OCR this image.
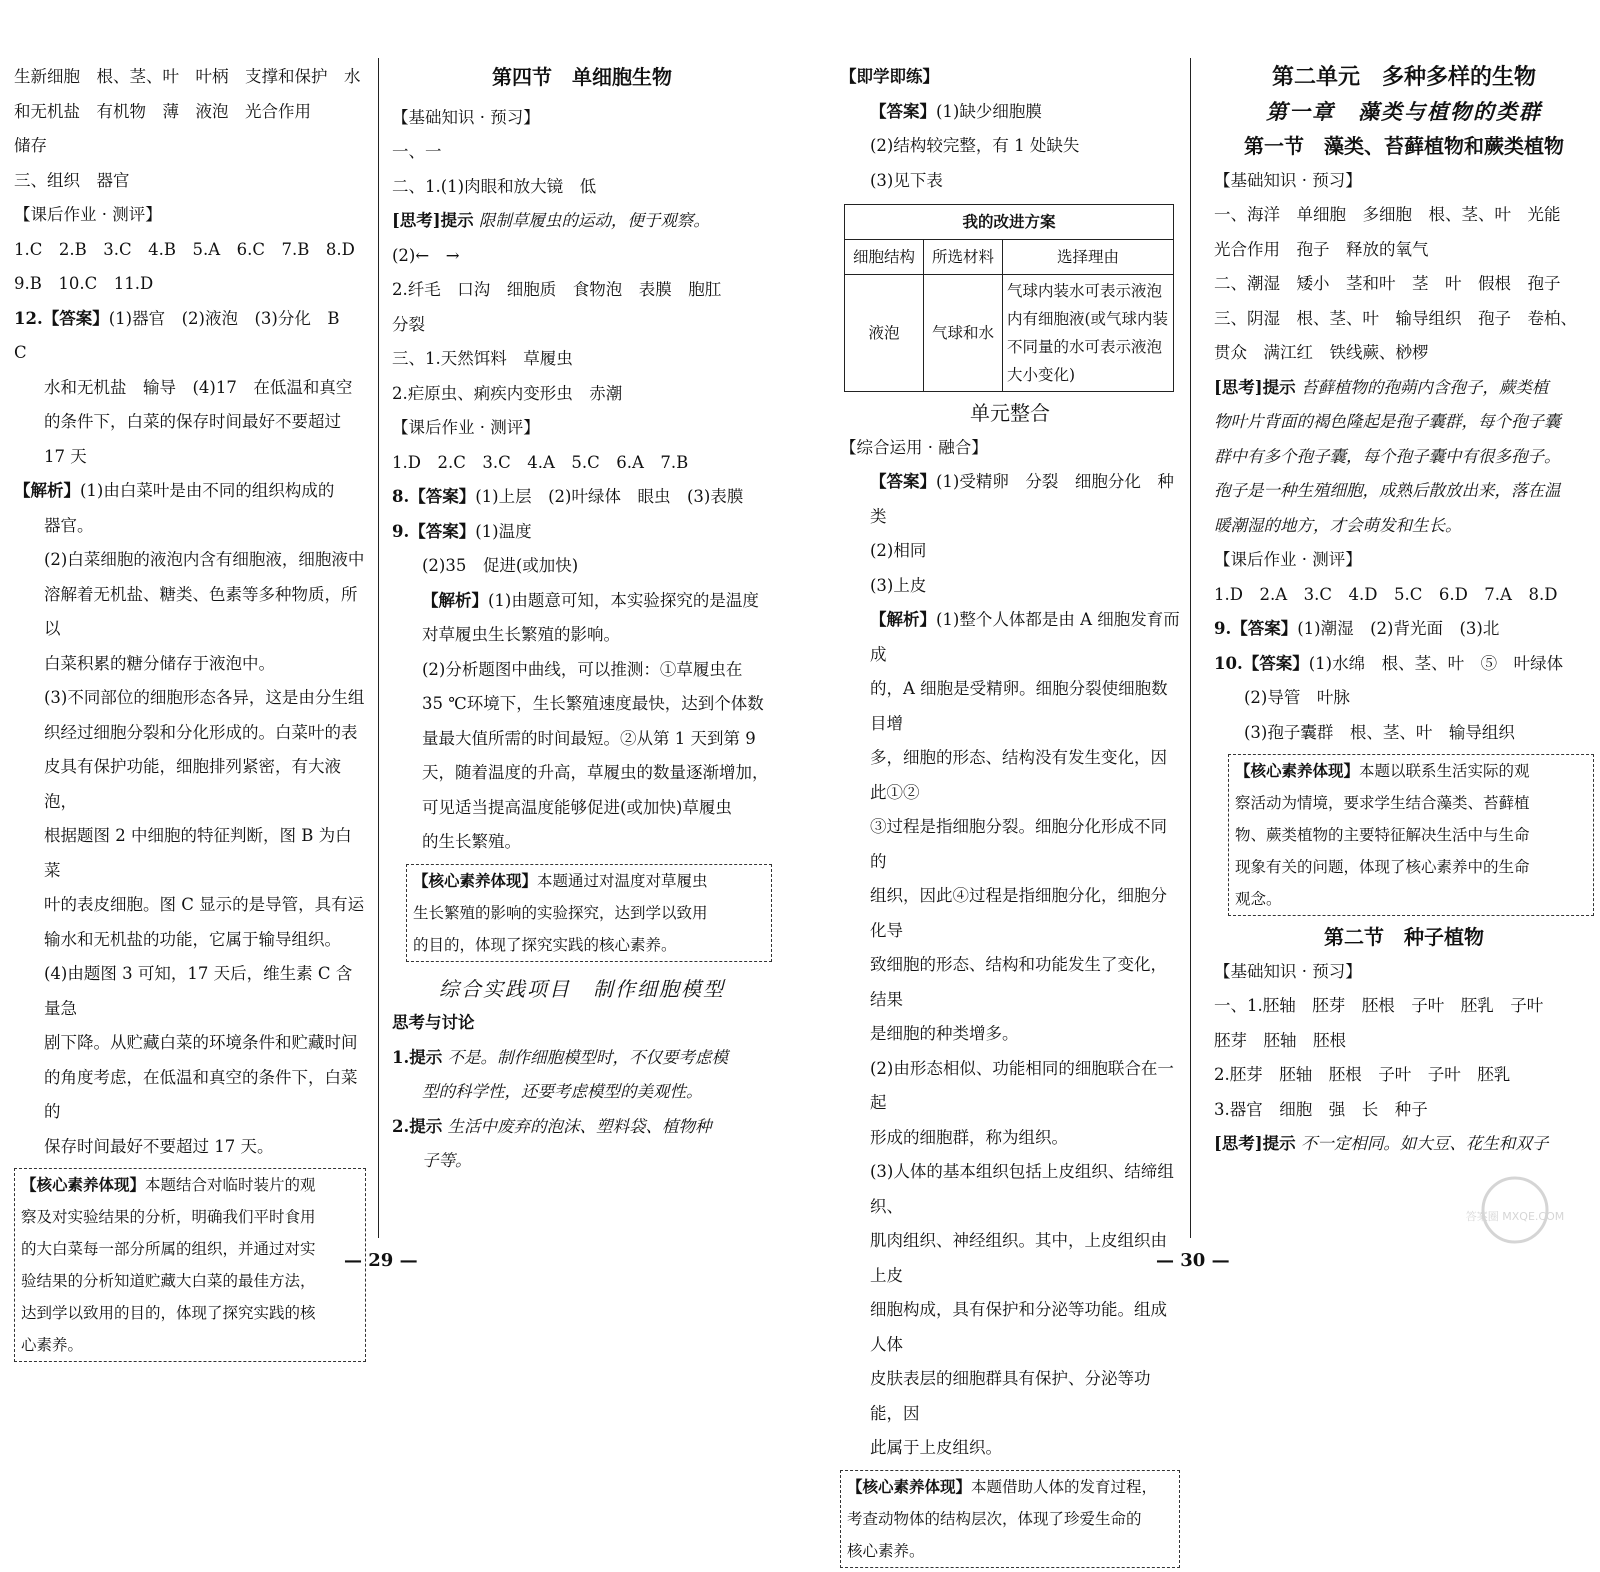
生新细胞　根、茎、叶　叶柄　支撑和保护　水

和无机盐　有机物　薄　液泡　光合作用

储存

三、组织　器官

【课后作业 · 测评】

1.C　2.B　3.C　4.B　5.A　6.C　7.B　8.D

9.B　10.C　11.D

12.【答案】(1)器官　(2)液泡　(3)分化　B　C

水和无机盐　输导　(4)17　在低温和真空

的条件下，白菜的保存时间最好不要超过

17 天

【解析】(1)由白菜叶是由不同的组织构成的

器官。

(2)白菜细胞的液泡内含有细胞液，细胞液中

溶解着无机盐、糖类、色素等多种物质，所以

白菜积累的糖分储存于液泡中。

(3)不同部位的细胞形态各异，这是由分生组

织经过细胞分裂和分化形成的。白菜叶的表

皮具有保护功能，细胞排列紧密，有大液泡，

根据题图 2 中细胞的特征判断，图 B 为白菜

叶的表皮细胞。图 C 显示的是导管，具有运

输水和无机盐的功能，它属于输导组织。

(4)由题图 3 可知，17 天后，维生素 C 含量急

剧下降。从贮藏白菜的环境条件和贮藏时间

的角度考虑，在低温和真空的条件下，白菜的

保存时间最好不要超过 17 天。

【核心素养体现】本题结合对临时装片的观

察及对实验结果的分析，明确我们平时食用

的大白菜每一部分所属的组织，并通过对实

验结果的分析知道贮藏大白菜的最佳方法，

达到学以致用的目的，体现了探究实践的核

心素养。

第四节　单细胞生物

【基础知识 · 预习】

一、一

二、1.(1)肉眼和放大镜　低

[思考]提示 限制草履虫的运动，便于观察。

(2)←　→

2.纤毛　口沟　细胞质　食物泡　表膜　胞肛

分裂

三、1.天然饵料　草履虫

2.疟原虫、痢疾内变形虫　赤潮

【课后作业 · 测评】

1.D　2.C　3.C　4.A　5.C　6.A　7.B

8.【答案】(1)上层　(2)叶绿体　眼虫　(3)表膜

9.【答案】(1)温度

(2)35　促进(或加快)

【解析】(1)由题意可知，本实验探究的是温度

对草履虫生长繁殖的影响。

(2)分析题图中曲线，可以推测：①草履虫在

35 ℃环境下，生长繁殖速度最快，达到个体数

量最大值所需的时间最短。②从第 1 天到第 9

天，随着温度的升高，草履虫的数量逐渐增加，

可见适当提高温度能够促进(或加快)草履虫

的生长繁殖。

【核心素养体现】本题通过对温度对草履虫

生长繁殖的影响的实验探究，达到学以致用

的目的，体现了探究实践的核心素养。

综合实践项目　制作细胞模型

思考与讨论

1.提示 不是。制作细胞模型时，不仅要考虑模

型的科学性，还要考虑模型的美观性。

2.提示 生活中废弃的泡沫、塑料袋、植物种

子等。

【即学即练】

【答案】(1)缺少细胞膜

(2)结构较完整，有 1 处缺失

(3)见下表

我的改进方案		
细胞结构	所选材料	选择理由
液泡	气球和水	气球内装水可表示液泡内有细胞液(或气球内装不同量的水可表示液泡大小变化)

单元整合

【综合运用 · 融合】

【答案】(1)受精卵　分裂　细胞分化　种类

(2)相同

(3)上皮

【解析】(1)整个人体都是由 A 细胞发育而成

的，A 细胞是受精卵。细胞分裂使细胞数目增

多，细胞的形态、结构没有发生变化，因此①②

③过程是指细胞分裂。细胞分化形成不同的

组织，因此④过程是指细胞分化，细胞分化导

致细胞的形态、结构和功能发生了变化，结果

是细胞的种类增多。

(2)由形态相似、功能相同的细胞联合在一起

形成的细胞群，称为组织。

(3)人体的基本组织包括上皮组织、结缔组织、

肌肉组织、神经组织。其中，上皮组织由上皮

细胞构成，具有保护和分泌等功能。组成人体

皮肤表层的细胞群具有保护、分泌等功能，因

此属于上皮组织。

【核心素养体现】本题借助人体的发育过程，

考查动物体的结构层次，体现了珍爱生命的

核心素养。

第二单元　多种多样的生物

第一章　藻类与植物的类群

第一节　藻类、苔藓植物和蕨类植物

【基础知识 · 预习】

一、海洋　单细胞　多细胞　根、茎、叶　光能

光合作用　孢子　释放的氧气

二、潮湿　矮小　茎和叶　茎　叶　假根　孢子

三、阴湿　根、茎、叶　输导组织　孢子　卷柏、

贯众　满江红　铁线蕨、桫椤

[思考]提示 苔藓植物的孢蒴内含孢子，蕨类植

物叶片背面的褐色隆起是孢子囊群，每个孢子囊

群中有多个孢子囊，每个孢子囊中有很多孢子。

孢子是一种生殖细胞，成熟后散放出来，落在温

暖潮湿的地方，才会萌发和生长。

【课后作业 · 测评】

1.D　2.A　3.C　4.D　5.C　6.D　7.A　8.D

9.【答案】(1)潮湿　(2)背光面　(3)北

10.【答案】(1)水绵　根、茎、叶　⑤　叶绿体

(2)导管　叶脉

(3)孢子囊群　根、茎、叶　输导组织

【核心素养体现】本题以联系生活实际的观

察活动为情境，要求学生结合藻类、苔藓植

物、蕨类植物的主要特征解决生活中与生命

现象有关的问题，体现了核心素养中的生命

观念。

第二节　种子植物

【基础知识 · 预习】

一、1.胚轴　胚芽　胚根　子叶　胚乳　子叶

胚芽　胚轴　胚根

2.胚芽　胚轴　胚根　子叶　子叶　胚乳

3.器官　细胞　强　长　种子

[思考]提示 不一定相同。如大豆、花生和双子

— 29 —	— 30 —
答案圈 MXQE.COM
